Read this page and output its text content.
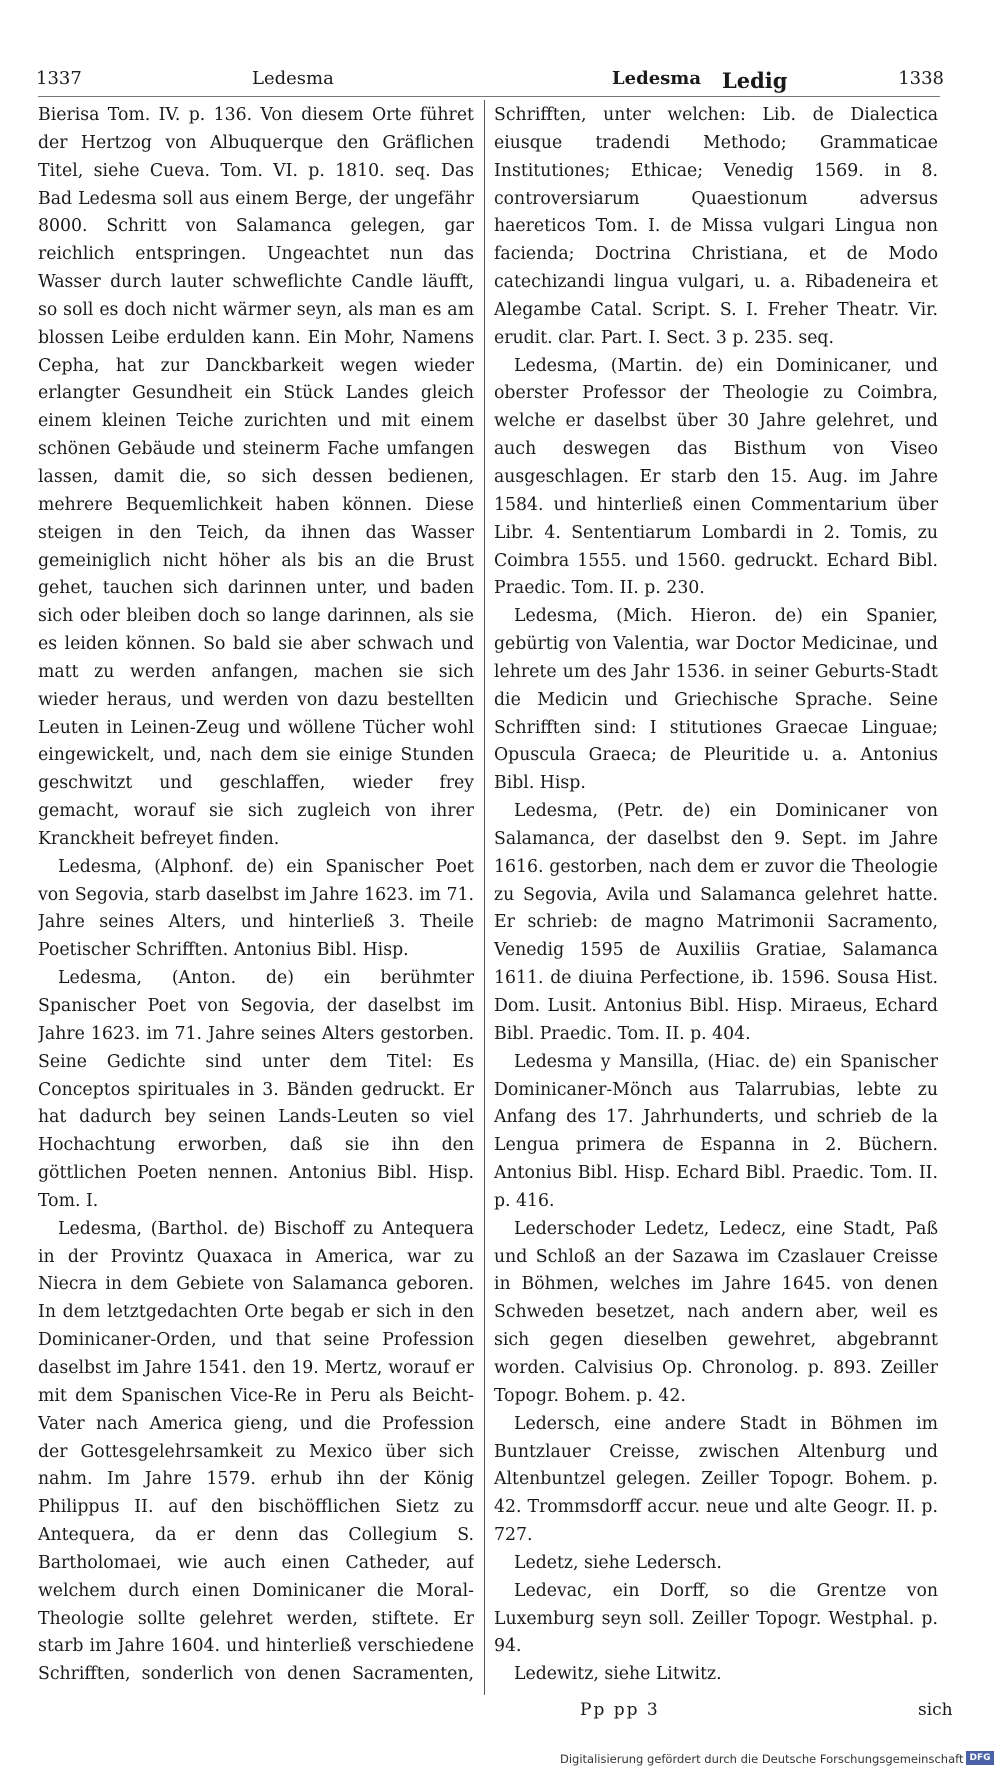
1337	Ledesma	Ledesma Ledig	1338

Bierisa Tom. IV. p. 136. Von diesem Orte führet der Hertzog von Albuquerque den Gräflichen Titel, siehe Cueva. Tom. VI. p. 1810. seq. Das Bad Ledesma soll aus einem Berge, der ungefähr 8000. Schritt von Salamanca gelegen, gar reichlich entspringen. Ungeachtet nun das Wasser durch lauter schweflichte Candle läufft, so soll es doch nicht wärmer seyn, als man es am blossen Leibe erdulden kann. Ein Mohr, Namens Cepha, hat zur Danckbarkeit wegen wieder erlangter Gesundheit ein Stück Landes gleich einem kleinen Teiche zurichten und mit einem schönen Gebäude und steinerm Fache umfangen lassen, damit die, so sich dessen bedienen, mehrere Bequemlichkeit haben können. Diese steigen in den Teich, da ihnen das Wasser gemeiniglich nicht höher als bis an die Brust gehet, tauchen sich darinnen unter, und baden sich oder bleiben doch so lange darinnen, als sie es leiden können. So bald sie aber schwach und matt zu werden anfangen, machen sie sich wieder heraus, und werden von dazu bestellten Leuten in Leinen-Zeug und wöllene Tücher wohl eingewickelt, und, nach dem sie einige Stunden geschwitzt und geschlaffen, wieder frey gemacht, worauf sie sich zugleich von ihrer Kranckheit befreyet finden.

Ledesma, (Alphonf. de) ein Spanischer Poet von Segovia, starb daselbst im Jahre 1623. im 71. Jahre seines Alters, und hinterließ 3. Theile Poetischer Schrifften. Antonius Bibl. Hisp.

Ledesma, (Anton. de) ein berühmter Spanischer Poet von Segovia, der daselbst im Jahre 1623. im 71. Jahre seines Alters gestorben. Seine Gedichte sind unter dem Titel: Es Conceptos spirituales in 3. Bänden gedruckt. Er hat dadurch bey seinen Lands-Leuten so viel Hochachtung erworben, daß sie ihn den göttlichen Poeten nennen. Antonius Bibl. Hisp. Tom. I.

Ledesma, (Barthol. de) Bischoff zu Antequera in der Provintz Quaxaca in America, war zu Niecra in dem Gebiete von Salamanca geboren. In dem letztgedachten Orte begab er sich in den Dominicaner-Orden, und that seine Profession daselbst im Jahre 1541. den 19. Mertz, worauf er mit dem Spanischen Vice-Re in Peru als Beicht-Vater nach America gieng, und die Profession der Gottesgelehrsamkeit zu Mexico über sich nahm. Im Jahre 1579. erhub ihn der König Philippus II. auf den bischöfflichen Sietz zu Antequera, da er denn das Collegium S. Bartholomaei, wie auch einen Catheder, auf welchem durch einen Dominicaner die Moral-Theologie sollte gelehret werden, stiftete. Er starb im Jahre 1604. und hinterließ verschiedene Schrifften, sonderlich von denen Sacramenten,

Schrifften, unter welchen: Lib. de Dialectica eiusque tradendi Methodo; Grammaticae Institutiones; Ethicae; Venedig 1569. in 8. controversiarum Quaestionum adversus haereticos Tom. I. de Missa vulgari Lingua non facienda; Doctrina Christiana, et de Modo catechizandi lingua vulgari, u. a. Ribadeneira et Alegambe Catal. Script. S. I. Freher Theatr. Vir. erudit. clar. Part. I. Sect. 3 p. 235. seq.

Ledesma, (Martin. de) ein Dominicaner, und oberster Professor der Theologie zu Coimbra, welche er daselbst über 30 Jahre gelehret, und auch deswegen das Bisthum von Viseo ausgeschlagen. Er starb den 15. Aug. im Jahre 1584. und hinterließ einen Commentarium über Libr. 4. Sententiarum Lombardi in 2. Tomis, zu Coimbra 1555. und 1560. gedruckt. Echard Bibl. Praedic. Tom. II. p. 230.

Ledesma, (Mich. Hieron. de) ein Spanier, gebürtig von Valentia, war Doctor Medicinae, und lehrete um des Jahr 1536. in seiner Geburts-Stadt die Medicin und Griechische Sprache. Seine Schrifften sind: I stitutiones Graecae Linguae; Opuscula Graeca; de Pleuritide u. a. Antonius Bibl. Hisp.

Ledesma, (Petr. de) ein Dominicaner von Salamanca, der daselbst den 9. Sept. im Jahre 1616. gestorben, nach dem er zuvor die Theologie zu Segovia, Avila und Salamanca gelehret hatte. Er schrieb: de magno Matrimonii Sacramento, Venedig 1595 de Auxiliis Gratiae, Salamanca 1611. de diuina Perfectione, ib. 1596. Sousa Hist. Dom. Lusit. Antonius Bibl. Hisp. Miraeus, Echard Bibl. Praedic. Tom. II. p. 404.

Ledesma y Mansilla, (Hiac. de) ein Spanischer Dominicaner-Mönch aus Talarrubias, lebte zu Anfang des 17. Jahrhunderts, und schrieb de la Lengua primera de Espanna in 2. Büchern. Antonius Bibl. Hisp. Echard Bibl. Praedic. Tom. II. p. 416.

Lederschoder Ledetz, Ledecz, eine Stadt, Paß und Schloß an der Sazawa im Czaslauer Creisse in Böhmen, welches im Jahre 1645. von denen Schweden besetzet, nach andern aber, weil es sich gegen dieselben gewehret, abgebrannt worden. Calvisius Op. Chronolog. p. 893. Zeiller Topogr. Bohem. p. 42.

Ledersch, eine andere Stadt in Böhmen im Buntzlauer Creisse, zwischen Altenburg und Altenbuntzel gelegen. Zeiller Topogr. Bohem. p. 42. Trommsdorff accur. neue und alte Geogr. II. p. 727.

Ledetz, siehe Ledersch.

Ledevac, ein Dorff, so die Grentze von Luxemburg seyn soll. Zeiller Topogr. Westphal. p. 94.

Ledewitz, siehe Litwitz.

Pp pp 3	sich
Digitalisierung gefördert durch die Deutsche Forschungsgemeinschaft DFG
